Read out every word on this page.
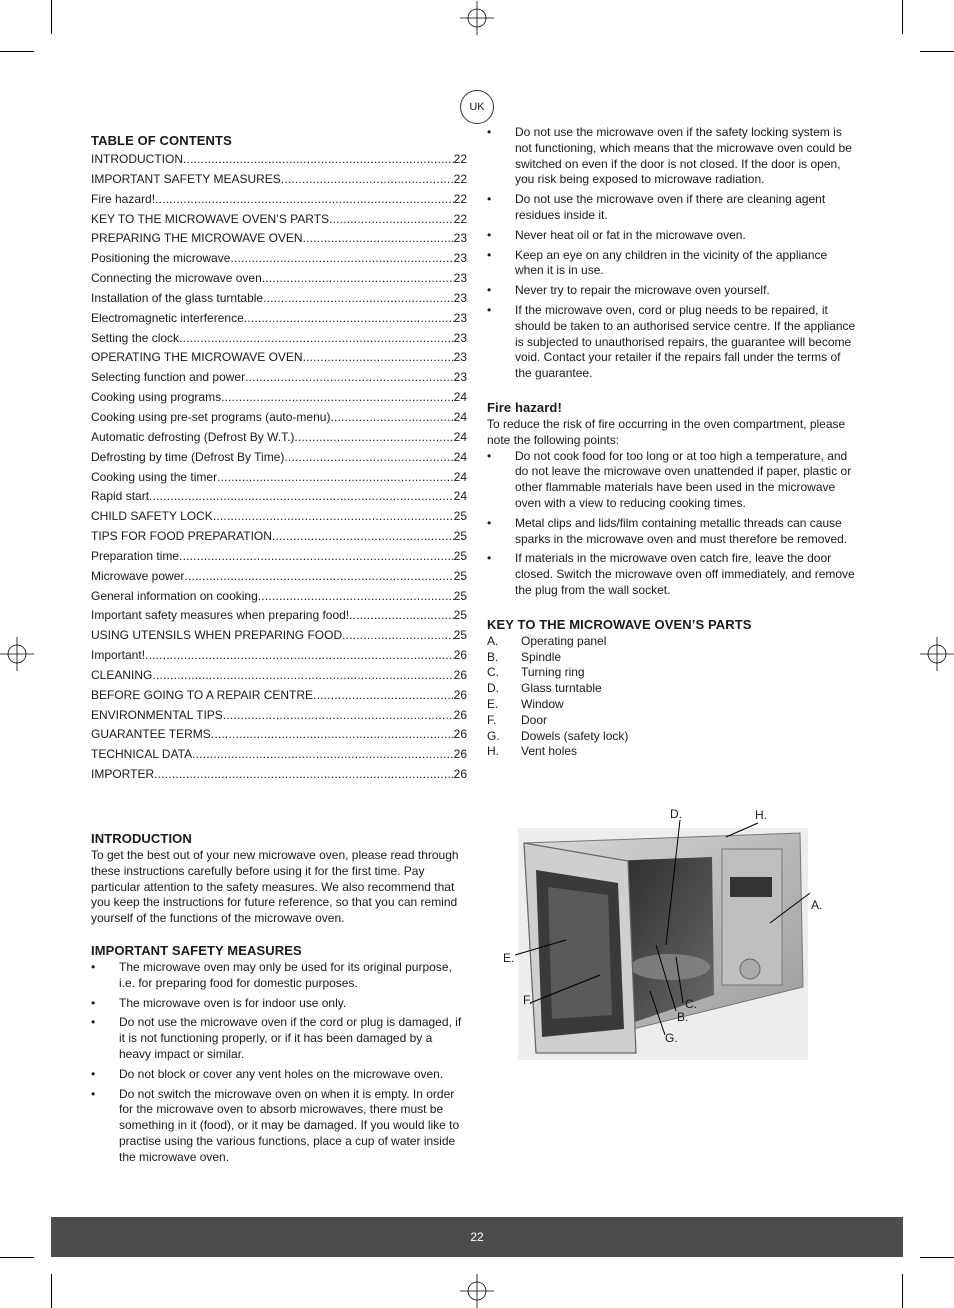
UK
TABLE OF CONTENTS
INTRODUCTION .....	22
IMPORTANT SAFETY MEASURES .....	22
Fire hazard! .....	22
KEY TO THE MICROWAVE OVEN’S PARTS .....	22
PREPARING THE MICROWAVE OVEN .....	23
Positioning the microwave .....	23
Connecting the microwave oven .....	23
Installation of the glass turntable .....	23
Electromagnetic interference .....	23
Setting the clock .....	23
OPERATING THE MICROWAVE OVEN .....	23
Selecting function and power .....	23
Cooking using programs .....	24
Cooking using pre-set programs (auto-menu) .....	24
Automatic defrosting (Defrost By W.T.) .....	24
Defrosting by time (Defrost By Time) .....	24
Cooking using the timer .....	24
Rapid start .....	24
CHILD SAFETY LOCK .....	25
TIPS FOR FOOD PREPARATION .....	25
Preparation time .....	25
Microwave power .....	25
General information on cooking .....	25
Important safety measures when preparing food! .....	25
USING UTENSILS WHEN PREPARING FOOD .....	25
Important! .....	26
CLEANING .....	26
BEFORE GOING TO A REPAIR CENTRE .....	26
ENVIRONMENTAL TIPS .....	26
GUARANTEE TERMS .....	26
TECHNICAL DATA .....	26
IMPORTER .....	26
INTRODUCTION

To get the best out of your new microwave oven, please read through these instructions carefully before using it for the first time. Pay particular attention to the safety measures. We also recommend that you keep the instructions for future reference, so that you can remind yourself of the functions of the microwave oven.

IMPORTANT SAFETY MEASURES
• The microwave oven may only be used for its original purpose, i.e. for preparing food for domestic purposes.
• The microwave oven is for indoor use only.
• Do not use the microwave oven if the cord or plug is damaged, if it is not functioning properly, or if it has been damaged by a heavy impact or similar.
• Do not block or cover any vent holes on the microwave oven.
• Do not switch the microwave oven on when it is empty. In order for the microwave oven to absorb microwaves, there must be something in it (food), or it may be damaged. If you would like to practise using the various functions, place a cup of water inside the microwave oven.
• Do not use the microwave oven if the safety locking system is not functioning, which means that the microwave oven could be switched on even if the door is not closed. If the door is open, you risk being exposed to microwave radiation.
• Do not use the microwave oven if there are cleaning agent residues inside it.
• Never heat oil or fat in the microwave oven.
• Keep an eye on any children in the vicinity of the appliance when it is in use.
• Never try to repair the microwave oven yourself.
• If the microwave oven, cord or plug needs to be repaired, it should be taken to an authorised service centre. If the appliance is subjected to unauthorised repairs, the guarantee will become void. Contact your retailer if the repairs fall under the terms of the guarantee.
Fire hazard!

To reduce the risk of fire occurring in the oven compartment, please note the following points:

• Do not cook food for too long or at too high a temperature, and do not leave the microwave oven unattended if paper, plastic or other flammable materials have been used in the microwave oven with a view to reducing cooking times.
• Metal clips and lids/film containing metallic threads can cause sparks in the microwave oven and must therefore be removed.
• If materials in the microwave oven catch fire, leave the door closed. Switch the microwave oven off immediately, and remove the plug from the wall socket.
KEY TO THE MICROWAVE OVEN’S PARTS
A.	Operating panel
B.	Spindle
C.	Turning ring
D.	Glass turntable
E.	Window
F.	Door
G.	Dowels (safety lock)
H.	Vent holes
D.	H.
A.
E.
F.	C.
B.
G.
22
